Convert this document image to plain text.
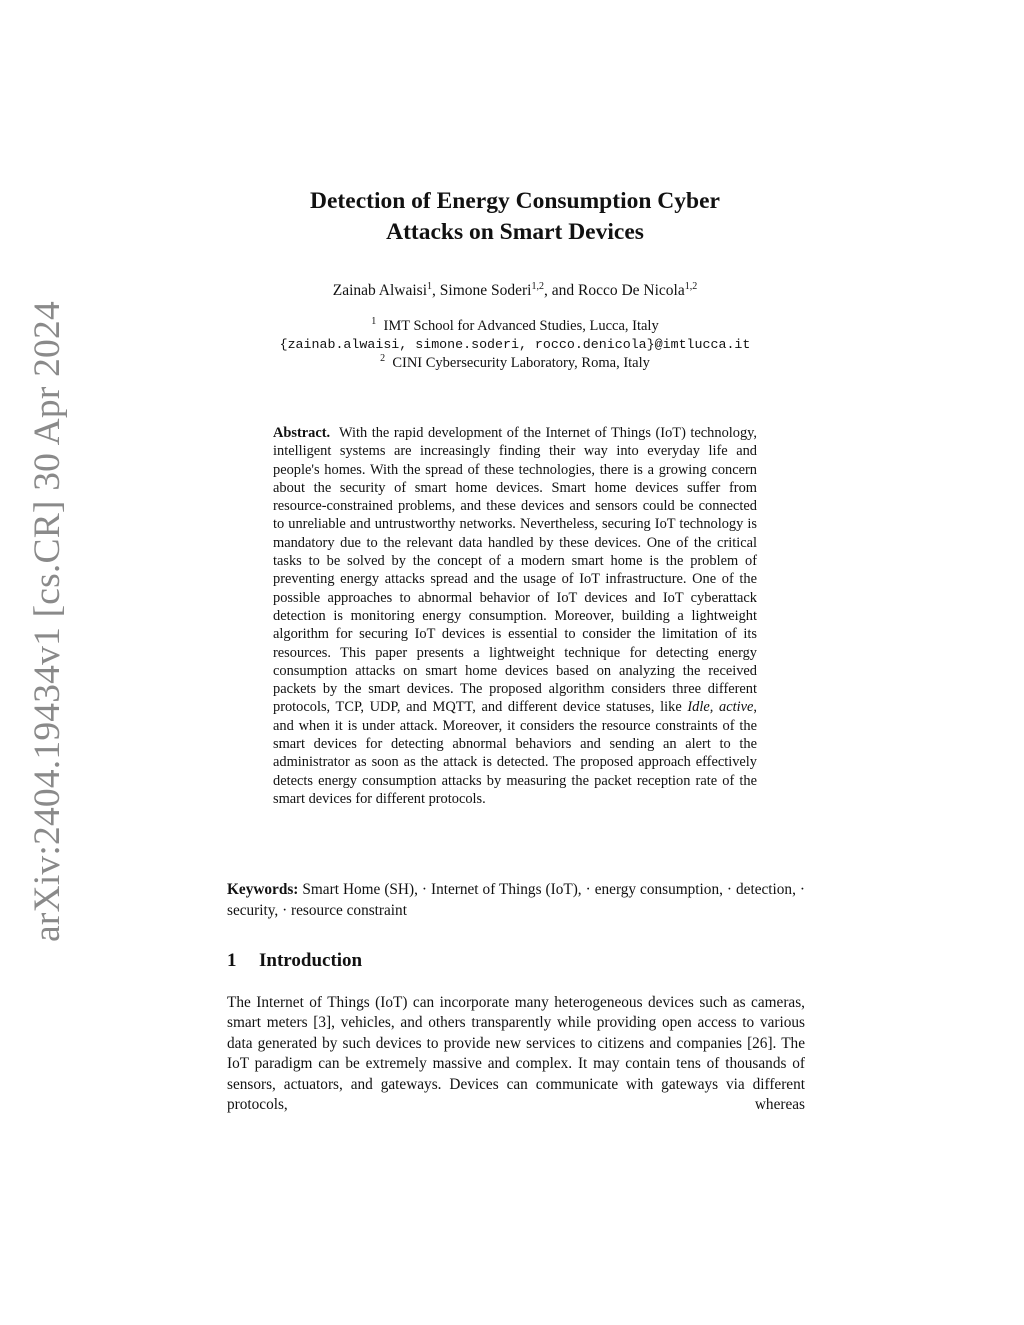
arXiv:2404.19434v1 [cs.CR] 30 Apr 2024
Detection of Energy Consumption Cyber
Attacks on Smart Devices
Zainab Alwaisi$^1$, Simone Soderi$^{1,2}$, and Rocco De Nicola$^{1,2}$
$^1$ IMT School for Advanced Studies, Lucca, Italy
{zainab.alwaisi, simone.soderi, rocco.denicola}@imtlucca.it
$^2$ CINI Cybersecurity Laboratory, Roma, Italy
Abstract. With the rapid development of the Internet of Things (IoT) technology, intelligent systems are increasingly finding their way into everyday life and people's homes. With the spread of these technologies, there is a growing concern about the security of smart home devices. Smart home devices suffer from resource-constrained problems, and these devices and sensors could be connected to unreliable and untrustworthy networks. Nevertheless, securing IoT technology is mandatory due to the relevant data handled by these devices. One of the critical tasks to be solved by the concept of a modern smart home is the problem of preventing energy attacks spread and the usage of IoT infrastructure. One of the possible approaches to abnormal behavior of IoT devices and IoT cyberattack detection is monitoring energy consumption. Moreover, building a lightweight algorithm for securing IoT devices is essential to consider the limitation of its resources. This paper presents a lightweight technique for detecting energy consumption attacks on smart home devices based on analyzing the received packets by the smart devices. The proposed algorithm considers three different protocols, TCP, UDP, and MQTT, and different device statuses, like Idle, active, and when it is under attack. Moreover, it considers the resource constraints of the smart devices for detecting abnormal behaviors and sending an alert to the administrator as soon as the attack is detected. The proposed approach effectively detects energy consumption attacks by measuring the packet reception rate of the smart devices for different protocols.
Keywords: Smart Home (SH), · Internet of Things (IoT), · energy consumption, · detection, · security, · resource constraint
1 Introduction
The Internet of Things (IoT) can incorporate many heterogeneous devices such as cameras, smart meters [3], vehicles, and others transparently while providing open access to various data generated by such devices to provide new services to citizens and companies [26]. The IoT paradigm can be extremely massive and complex. It may contain tens of thousands of sensors, actuators, and gateways. Devices can communicate with gateways via different protocols, whereas
